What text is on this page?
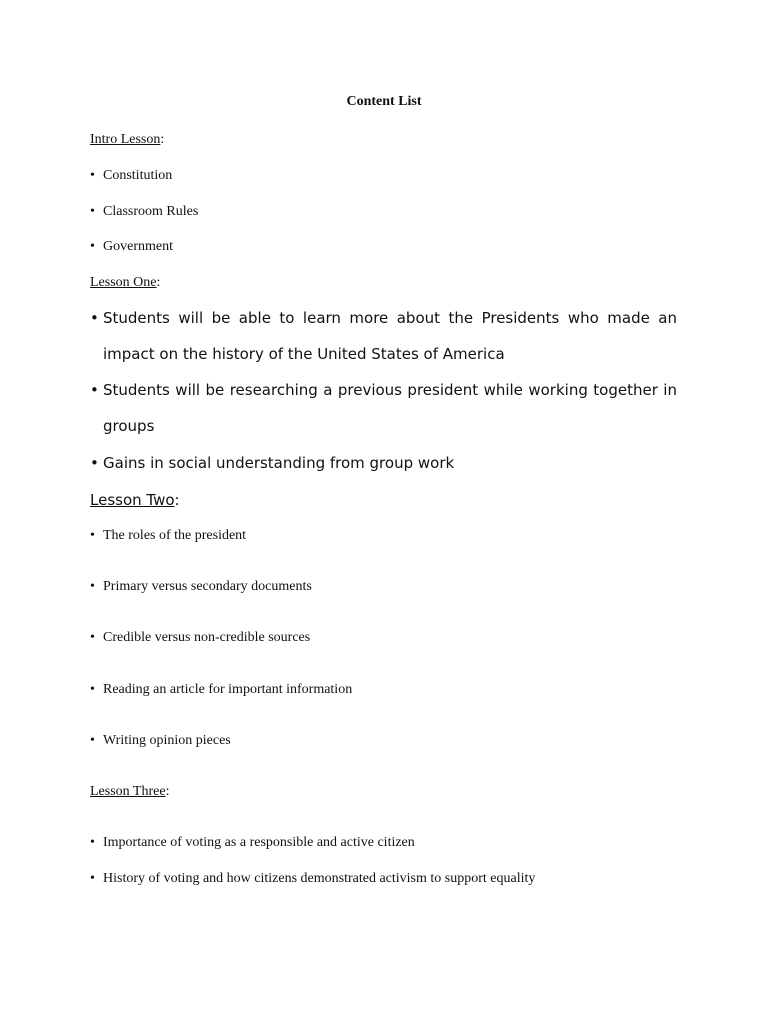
Content List
Intro Lesson:
• Constitution
• Classroom Rules
• Government
Lesson One:
• Students will be able to learn more about the Presidents who made an impact on the history of the United States of America
• Students will be researching a previous president while working together in groups
• Gains in social understanding from group work
Lesson Two:
• The roles of the president
• Primary versus secondary documents
• Credible versus non-credible sources
• Reading an article for important information
• Writing opinion pieces
Lesson Three:
• Importance of voting as a responsible and active citizen
• History of voting and how citizens demonstrated activism to support equality
